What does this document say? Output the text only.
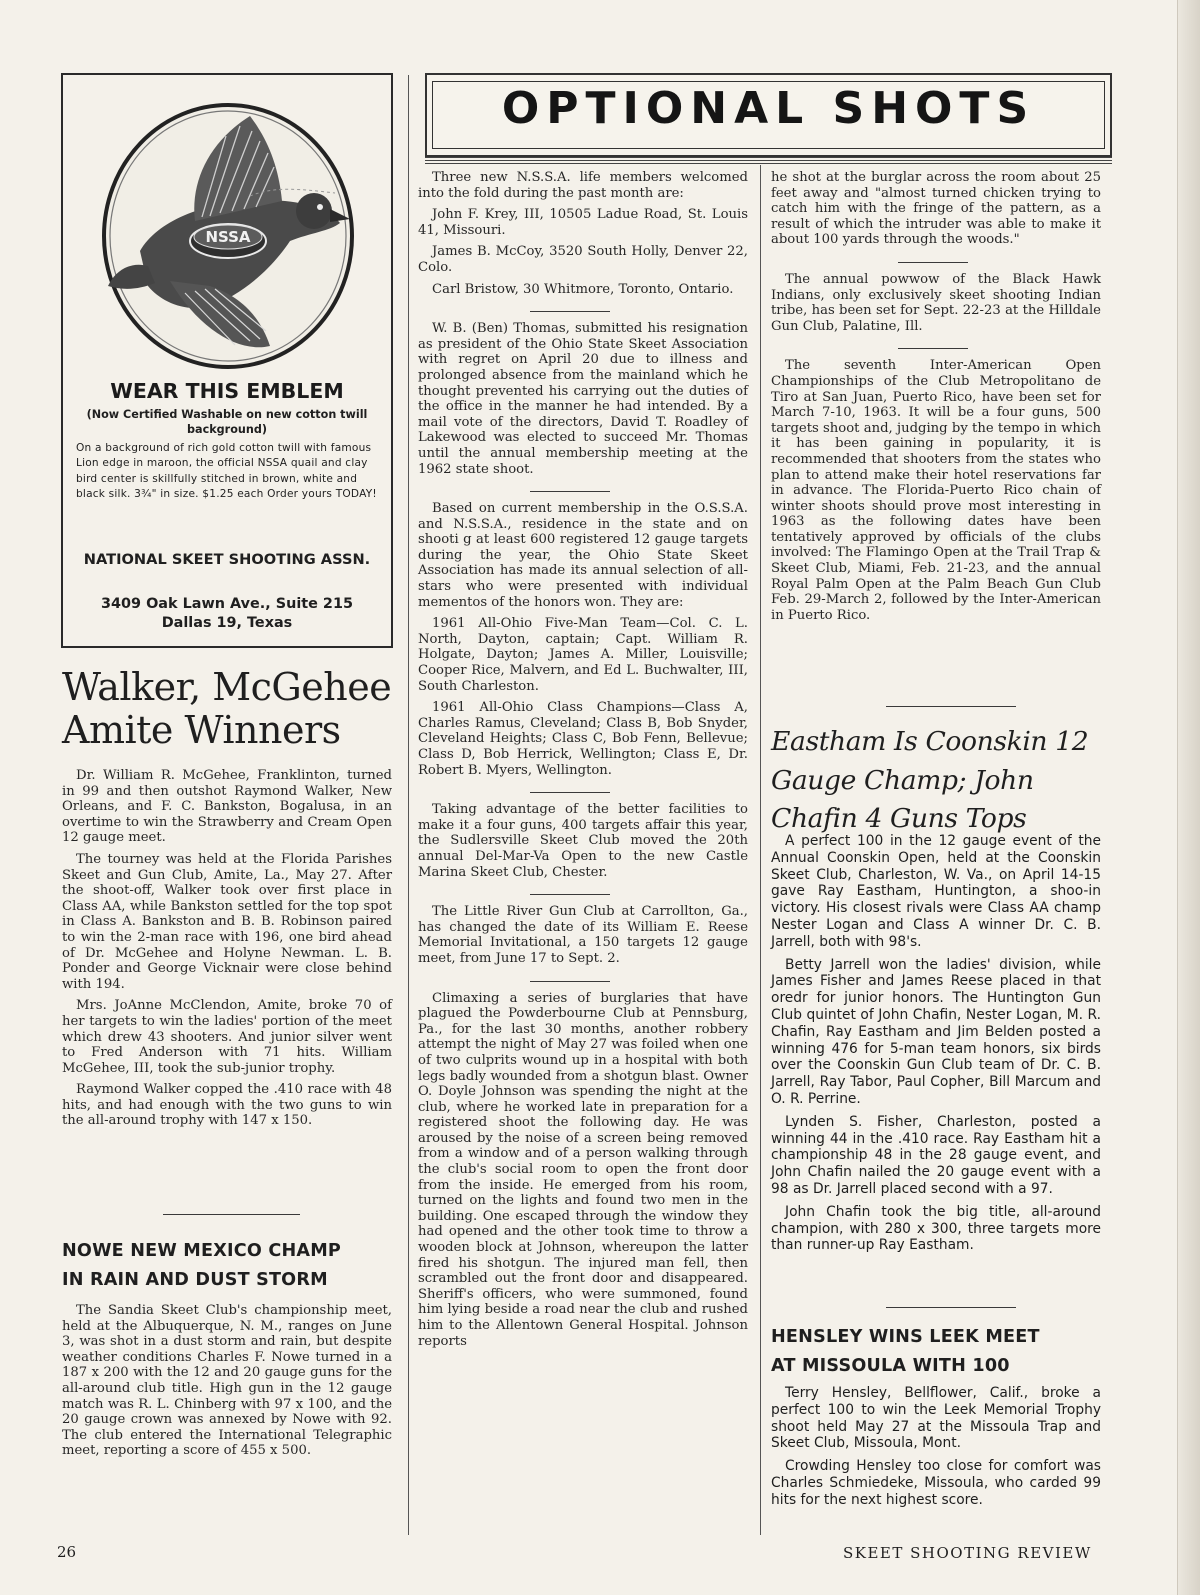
NSSA
WEAR THIS EMBLEM
(Now Certified Washable on new cotton twill background)
On a background of rich gold cotton twill with famous Lion edge in maroon, the official NSSA quail and clay bird center is skillfully stitched in brown, white and black silk. 3¾" in size. $1.25 each Order yours TODAY!
NATIONAL SKEET SHOOTING ASSN.
3409 Oak Lawn Ave., Suite 215
Dallas 19, Texas
Walker, McGehee Amite Winners

Dr. William R. McGehee, Franklinton, turned in 99 and then outshot Raymond Walker, New Orleans, and F. C. Bankston, Bogalusa, in an overtime to win the Strawberry and Cream Open 12 gauge meet.

The tourney was held at the Florida Parishes Skeet and Gun Club, Amite, La., May 27. After the shoot-off, Walker took over first place in Class AA, while Bankston settled for the top spot in Class A. Bankston and B. B. Robinson paired to win the 2-man race with 196, one bird ahead of Dr. McGehee and Holyne Newman. L. B. Ponder and George Vicknair were close behind with 194.

Mrs. JoAnne McClendon, Amite, broke 70 of her targets to win the ladies' portion of the meet which drew 43 shooters. And junior silver went to Fred Anderson with 71 hits. William McGehee, III, took the sub-junior trophy.

Raymond Walker copped the .410 race with 48 hits, and had enough with the two guns to win the all-around trophy with 147 x 150.

NOWE NEW MEXICO CHAMP
IN RAIN AND DUST STORM

The Sandia Skeet Club's championship meet, held at the Albuquerque, N. M., ranges on June 3, was shot in a dust storm and rain, but despite weather conditions Charles F. Nowe turned in a 187 x 200 with the 12 and 20 gauge guns for the all-around club title. High gun in the 12 gauge match was R. L. Chinberg with 97 x 100, and the 20 gauge crown was annexed by Nowe with 92. The club entered the International Telegraphic meet, reporting a score of 455 x 500.

OPTIONAL SHOTS

Three new N.S.S.A. life members welcomed into the fold during the past month are:

John F. Krey, III, 10505 Ladue Road, St. Louis 41, Missouri.

James B. McCoy, 3520 South Holly, Denver 22, Colo.

Carl Bristow, 30 Whitmore, Toronto, Ontario.

W. B. (Ben) Thomas, submitted his resignation as president of the Ohio State Skeet Association with regret on April 20 due to illness and prolonged absence from the mainland which he thought prevented his carrying out the duties of the office in the manner he had intended. By a mail vote of the directors, David T. Roadley of Lakewood was elected to succeed Mr. Thomas until the annual membership meeting at the 1962 state shoot.

Based on current membership in the O.S.S.A. and N.S.S.A., residence in the state and on shooti g at least 600 registered 12 gauge targets during the year, the Ohio State Skeet Association has made its annual selection of all-stars who were presented with individual mementos of the honors won. They are:

1961 All-Ohio Five-Man Team—Col. C. L. North, Dayton, captain; Capt. William R. Holgate, Dayton; James A. Miller, Louisville; Cooper Rice, Malvern, and Ed L. Buchwalter, III, South Charleston.

1961 All-Ohio Class Champions—Class A, Charles Ramus, Cleveland; Class B, Bob Snyder, Cleveland Heights; Class C, Bob Fenn, Bellevue; Class D, Bob Herrick, Wellington; Class E, Dr. Robert B. Myers, Wellington.

Taking advantage of the better facilities to make it a four guns, 400 targets affair this year, the Sudlersville Skeet Club moved the 20th annual Del-Mar-Va Open to the new Castle Marina Skeet Club, Chester.

The Little River Gun Club at Carrollton, Ga., has changed the date of its William E. Reese Memorial Invitational, a 150 targets 12 gauge meet, from June 17 to Sept. 2.

Climaxing a series of burglaries that have plagued the Powderbourne Club at Pennsburg, Pa., for the last 30 months, another robbery attempt the night of May 27 was foiled when one of two culprits wound up in a hospital with both legs badly wounded from a shotgun blast. Owner O. Doyle Johnson was spending the night at the club, where he worked late in preparation for a registered shoot the following day. He was aroused by the noise of a screen being removed from a window and of a person walking through the club's social room to open the front door from the inside. He emerged from his room, turned on the lights and found two men in the building. One escaped through the window they had opened and the other took time to throw a wooden block at Johnson, whereupon the latter fired his shotgun. The injured man fell, then scrambled out the front door and disappeared. Sheriff's officers, who were summoned, found him lying beside a road near the club and rushed him to the Allentown General Hospital. Johnson reports

he shot at the burglar across the room about 25 feet away and "almost turned chicken trying to catch him with the fringe of the pattern, as a result of which the intruder was able to make it about 100 yards through the woods."

The annual powwow of the Black Hawk Indians, only exclusively skeet shooting Indian tribe, has been set for Sept. 22-23 at the Hilldale Gun Club, Palatine, Ill.

The seventh Inter-American Open Championships of the Club Metropolitano de Tiro at San Juan, Puerto Rico, have been set for March 7-10, 1963. It will be a four guns, 500 targets shoot and, judging by the tempo in which it has been gaining in popularity, it is recommended that shooters from the states who plan to attend make their hotel reservations far in advance. The Florida-Puerto Rico chain of winter shoots should prove most interesting in 1963 as the following dates have been tentatively approved by officials of the clubs involved: The Flamingo Open at the Trail Trap & Skeet Club, Miami, Feb. 21-23, and the annual Royal Palm Open at the Palm Beach Gun Club Feb. 29-March 2, followed by the Inter-American in Puerto Rico.

Eastham Is Coonskin 12 Gauge Champ; John Chafin 4 Guns Tops

A perfect 100 in the 12 gauge event of the Annual Coonskin Open, held at the Coonskin Skeet Club, Charleston, W. Va., on April 14-15 gave Ray Eastham, Huntington, a shoo-in victory. His closest rivals were Class AA champ Nester Logan and Class A winner Dr. C. B. Jarrell, both with 98's.

Betty Jarrell won the ladies' division, while James Fisher and James Reese placed in that oredr for junior honors. The Huntington Gun Club quintet of John Chafin, Nester Logan, M. R. Chafin, Ray Eastham and Jim Belden posted a winning 476 for 5-man team honors, six birds over the Coonskin Gun Club team of Dr. C. B. Jarrell, Ray Tabor, Paul Copher, Bill Marcum and O. R. Perrine.

Lynden S. Fisher, Charleston, posted a winning 44 in the .410 race. Ray Eastham hit a championship 48 in the 28 gauge event, and John Chafin nailed the 20 gauge event with a 98 as Dr. Jarrell placed second with a 97.

John Chafin took the big title, all-around champion, with 280 x 300, three targets more than runner-up Ray Eastham.

HENSLEY WINS LEEK MEET
AT MISSOULA WITH 100

Terry Hensley, Bellflower, Calif., broke a perfect 100 to win the Leek Memorial Trophy shoot held May 27 at the Missoula Trap and Skeet Club, Missoula, Mont.

Crowding Hensley too close for comfort was Charles Schmiedeke, Missoula, who carded 99 hits for the next highest score.

26	SKEET SHOOTING REVIEW
